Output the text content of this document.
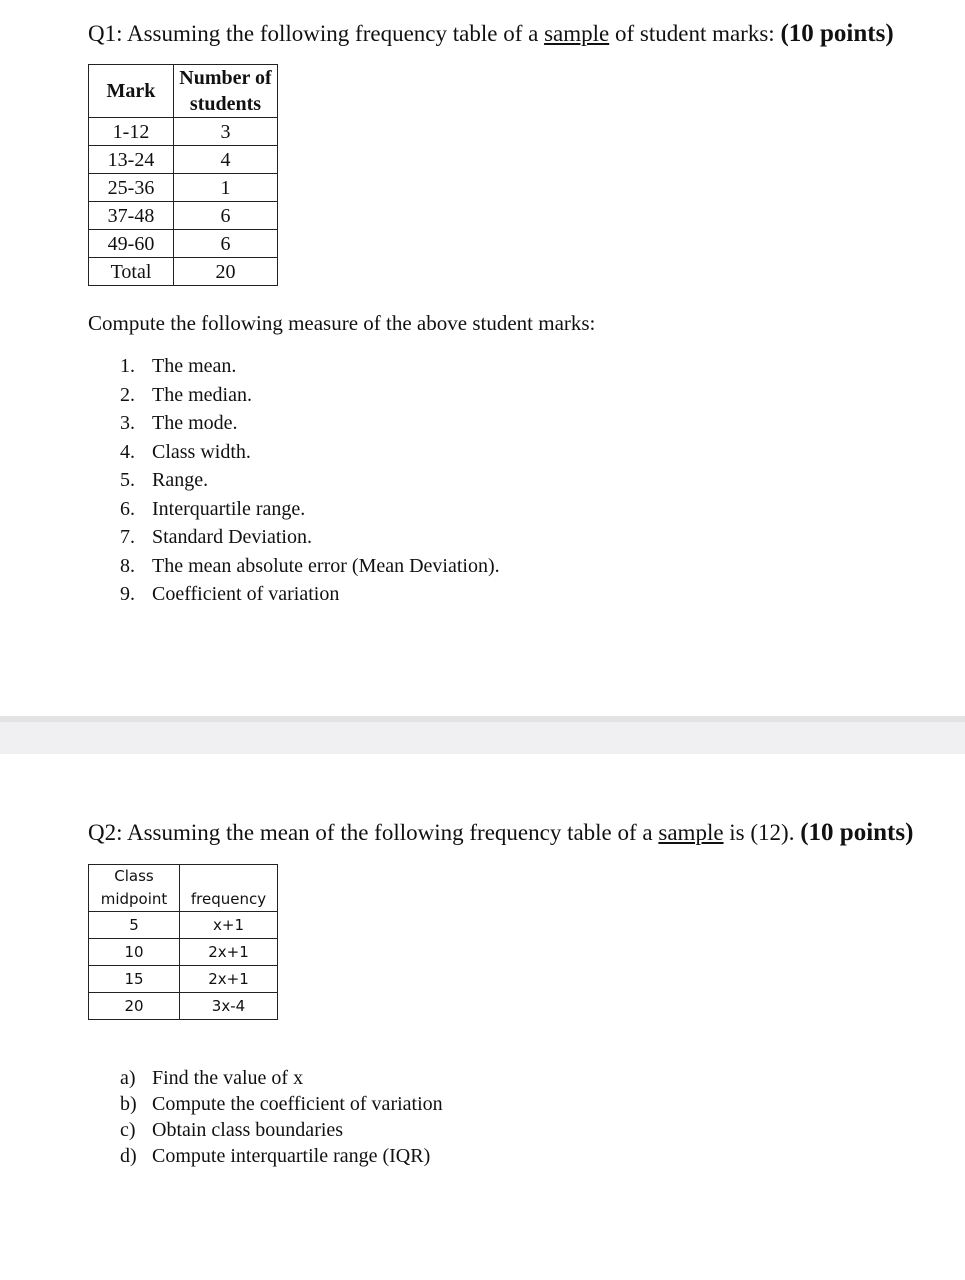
Q1: Assuming the following frequency table of a sample of student marks: (10 points)
Mark	Number of students
1-12	3
13-24	4
25-36	1
37-48	6
49-60	6
Total	20
Compute the following measure of the above student marks:
1. The mean.
2. The median.
3. The mode.
4. Class width.
5. Range.
6. Interquartile range.
7. Standard Deviation.
8. The mean absolute error (Mean Deviation).
9. Coefficient of variation
Q2: Assuming the mean of the following frequency table of a sample is (12). (10 points)
Class midpoint	frequency
5	x+1
10	2x+1
15	2x+1
20	3x-4
a) Find the value of x
b) Compute the coefficient of variation
c) Obtain class boundaries
d) Compute interquartile range (IQR)
